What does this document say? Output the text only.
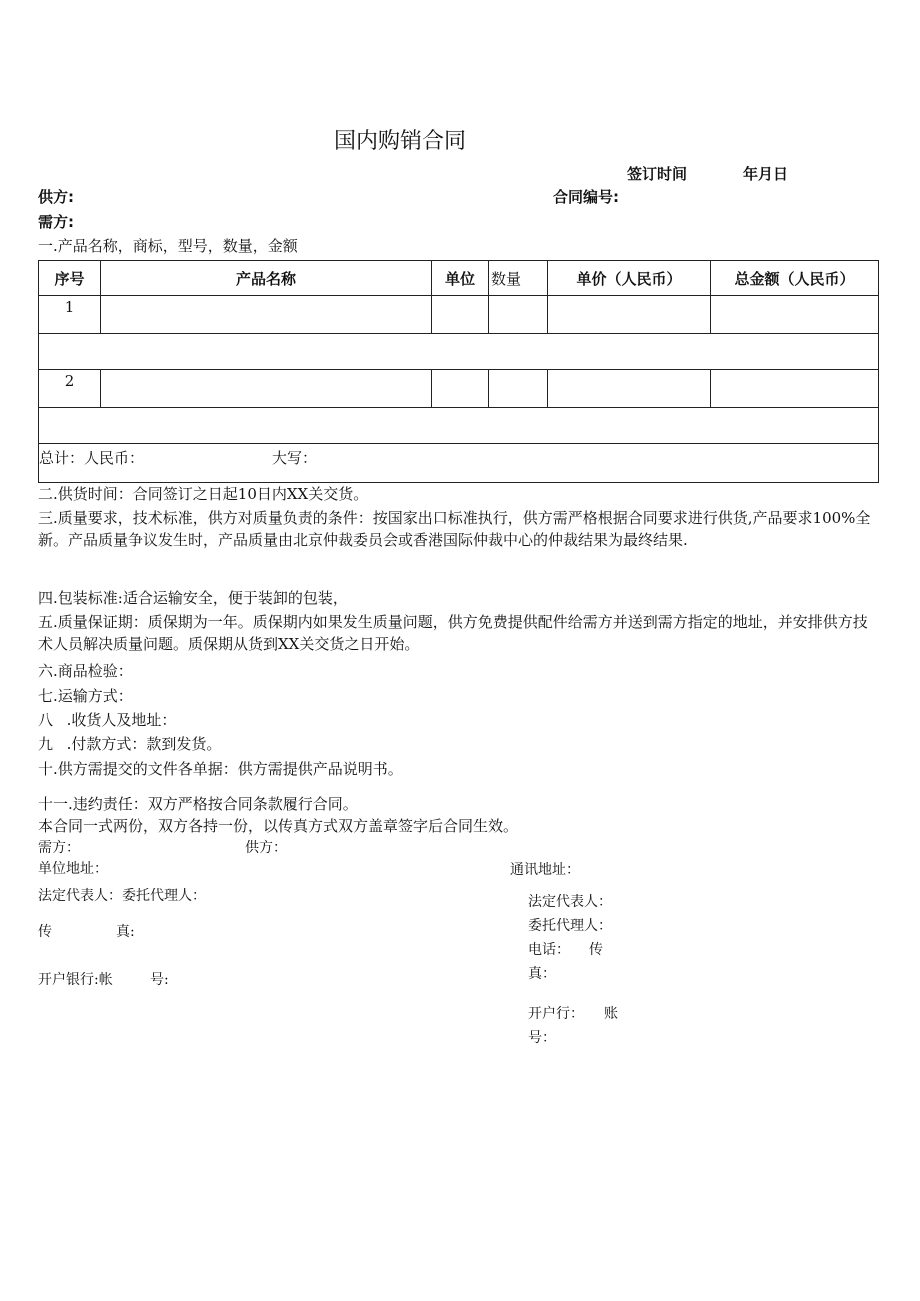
国内购销合同
签订时间	年月日
供方:	合同编号:
需方:
一.产品名称，商标，型号，数量，金额
序号	产品名称	单位	数量	单价（人民币）	总金额（人民币）
1					

2					

总计：人民币： 大写：					
二.供货时间：合同签订之日起10日内XX关交货。
三.质量要求，技术标准，供方对质量负责的条件：按国家出口标准执行，供方需严格根据合同要求进行供货,产品要求100%全新。产品质量争议发生时，产品质量由北京仲裁委员会或香港国际仲裁中心的仲裁结果为最终结果.
四.包装标准:适合运输安全，便于装卸的包装，
五.质量保证期：质保期为一年。质保期内如果发生质量问题，供方免费提供配件给需方并送到需方指定的地址，并安排供方技术人员解决质量问题。质保期从货到XX关交货之日开始。
六.商品检验：
七.运输方式：
八	.收货人及地址：
九	.付款方式：款到发货。
十.供方需提交的文件各单据：供方需提供产品说明书。
十一.违约责任：双方严格按合同条款履行合同。
本合同一式两份，双方各持一份，以传真方式双方盖章签字后合同生效。
需方：	供方：
单位地址：
法定代表人：委托代理人：
传	真:
开户银行:帐	号:
通讯地址：
法定代表人：
委托代理人：
电话： 传
真：
开户行： 账
号：
